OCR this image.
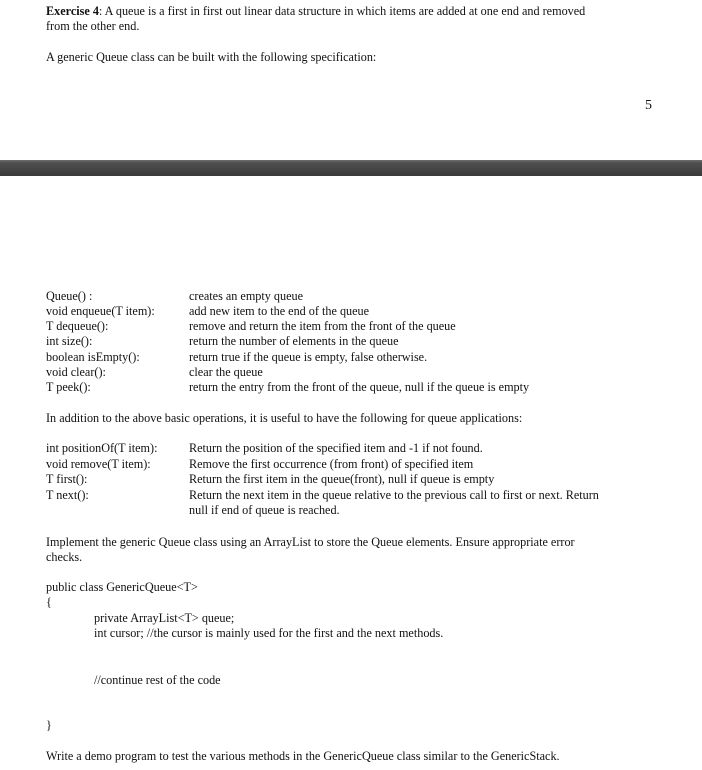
Exercise 4: A queue is a first in first out linear data structure in which items are added at one end and removed
from the other end.
A generic Queue class can be built with the following specification:
5
Queue() :	creates an empty queue
void enqueue(T item):	add new item to the end of the queue
T dequeue():	remove and return the item from the front of the queue
int size():	return the number of elements in the queue
boolean isEmpty():	return true if the queue is empty, false otherwise.
void clear():	clear the queue
T peek():	return the entry from the front of the queue, null if the queue is empty
In addition to the above basic operations, it is useful to have the following for queue applications:
int positionOf(T item):	Return the position of the specified item and -1 if not found.
void remove(T item):	Remove the first occurrence (from front) of specified item
T first():	Return the first item in the queue(front), null if queue is empty
T next():	Return the next item in the queue relative to the previous call to first or next. Return
null if end of queue is reached.
Implement the generic Queue class using an ArrayList to store the Queue elements. Ensure appropriate error
checks.
public class GenericQueue<T>
{
private ArrayList<T> queue;
int cursor; //the cursor is mainly used for the first and the next methods.
//continue rest of the code
}
Write a demo program to test the various methods in the GenericQueue class similar to the GenericStack.
